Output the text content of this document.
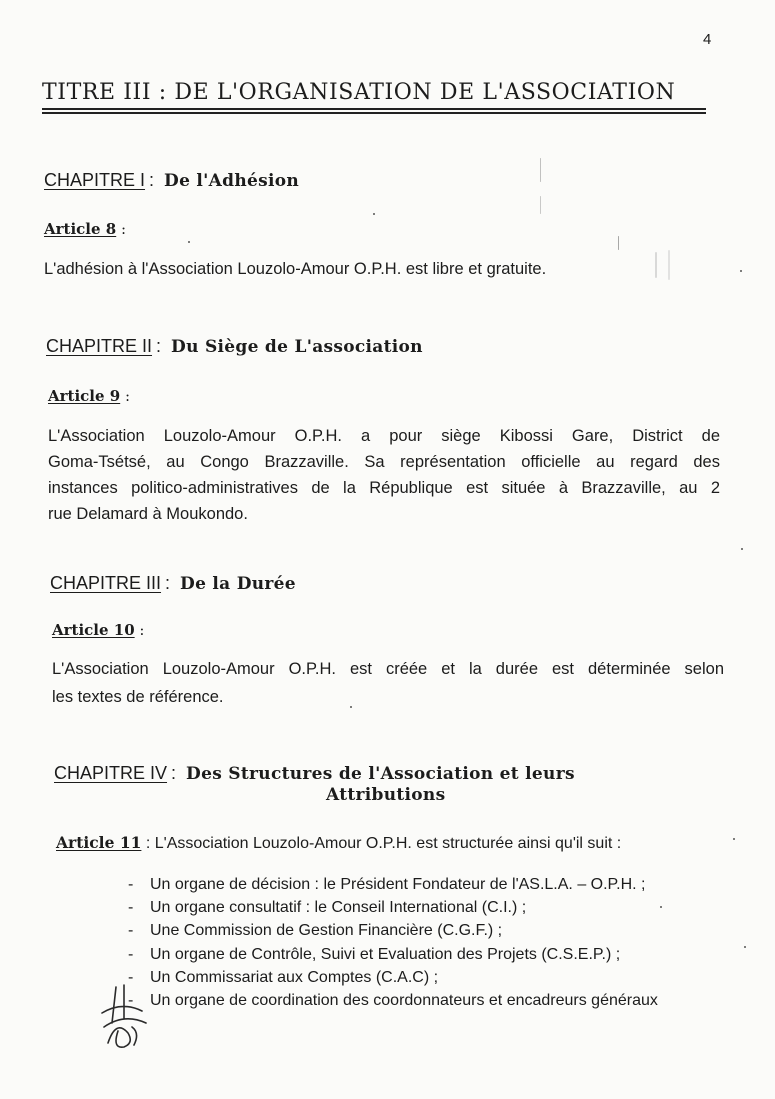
4
TITRE III : DE L'ORGANISATION DE L'ASSOCIATION
CHAPITRE I : De l'Adhésion
Article 8 :
L'adhésion à l'Association Louzolo-Amour O.P.H. est libre et gratuite.
CHAPITRE II : Du Siège de L'association
Article 9 :
L'Association Louzolo-Amour O.P.H. a pour siège Kibossi Gare, District de
Goma-Tsétsé, au Congo Brazzaville. Sa représentation officielle au regard des
instances politico-administratives de la République est située à Brazzaville, au 2
rue Delamard à Moukondo.
CHAPITRE III : De la Durée
Article 10 :
L'Association Louzolo-Amour O.P.H. est créée et la durée est déterminée selon
les textes de référence.
CHAPITRE IV : Des Structures de l'Association et leurs
Attributions
Article 11 : L'Association Louzolo-Amour O.P.H. est structurée ainsi qu'il suit :
- Un organe de décision : le Président Fondateur de l'AS.L.A. – O.P.H. ;
- Un organe consultatif : le Conseil International (C.I.) ;
- Une Commission de Gestion Financière (C.G.F.) ;
- Un organe de Contrôle, Suivi et Evaluation des Projets (C.S.E.P.) ;
- Un Commissariat aux Comptes (C.A.C) ;
- Un organe de coordination des coordonnateurs et encadreurs généraux
